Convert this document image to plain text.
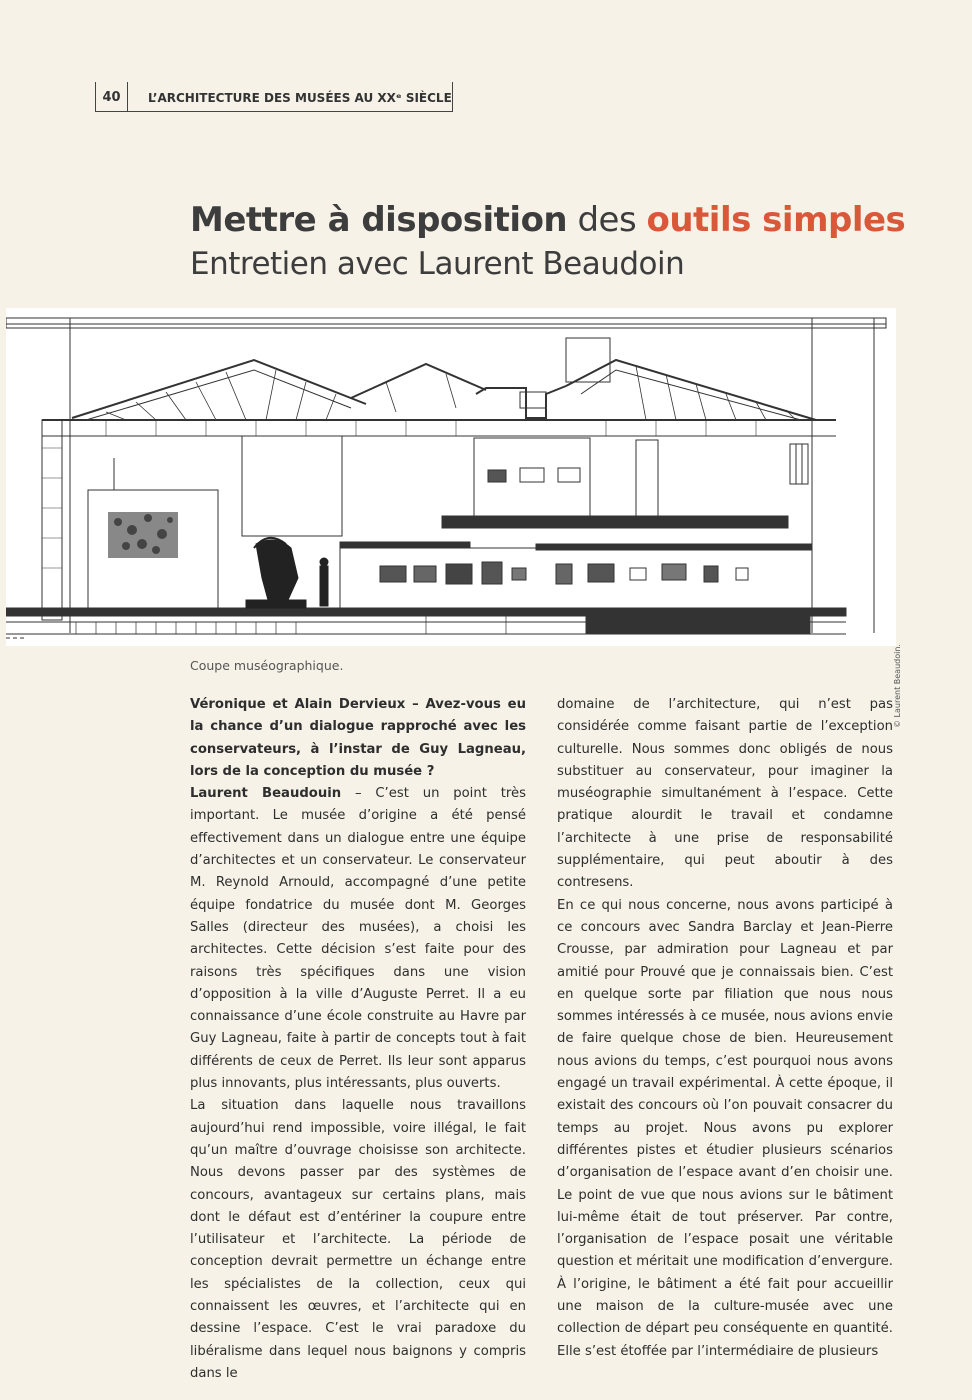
40	L’ARCHITECTURE DES MUSÉES AU XXᵉ SIÈCLE
Mettre à disposition des outils simples
Entretien avec Laurent Beaudoin
© Laurent Beaudoin.
Coupe muséographique.

Véronique et Alain Dervieux – Avez-vous eu la chance d’un dialogue rapproché avec les conservateurs, à l’instar de Guy Lagneau, lors de la conception du musée ?

Laurent Beaudouin – C’est un point très important. Le musée d’origine a été pensé effectivement dans un dialogue entre une équipe d’architectes et un conservateur. Le conservateur M. Reynold Arnould, accompagné d’une petite équipe fondatrice du musée dont M. Georges Salles (directeur des musées), a choisi les architectes. Cette décision s’est faite pour des raisons très spécifiques dans une vision d’opposition à la ville d’Auguste Perret. Il a eu connaissance d’une école construite au Havre par Guy Lagneau, faite à partir de concepts tout à fait différents de ceux de Perret. Ils leur sont apparus plus innovants, plus intéressants, plus ouverts.

La situation dans laquelle nous travaillons aujourd’hui rend impossible, voire illégal, le fait qu’un maître d’ouvrage choisisse son architecte. Nous devons passer par des systèmes de concours, avantageux sur certains plans, mais dont le défaut est d’entériner la coupure entre l’utilisateur et l’architecte. La période de conception devrait permettre un échange entre les spécialistes de la collection, ceux qui connaissent les œuvres, et l’architecte qui en dessine l’espace. C’est le vrai paradoxe du libéralisme dans lequel nous baignons y compris dans le

domaine de l’architecture, qui n’est pas considérée comme faisant partie de l’exception culturelle. Nous sommes donc obligés de nous substituer au conservateur, pour imaginer la muséographie simultanément à l’espace. Cette pratique alourdit le travail et condamne l’architecte à une prise de responsabilité supplémentaire, qui peut aboutir à des contresens.

En ce qui nous concerne, nous avons participé à ce concours avec Sandra Barclay et Jean-Pierre Crousse, par admiration pour Lagneau et par amitié pour Prouvé que je connaissais bien. C’est en quelque sorte par filiation que nous nous sommes intéressés à ce musée, nous avions envie de faire quelque chose de bien. Heureusement nous avions du temps, c’est pourquoi nous avons engagé un travail expérimental. À cette époque, il existait des concours où l’on pouvait consacrer du temps au projet. Nous avons pu explorer différentes pistes et étudier plusieurs scénarios d’organisation de l’espace avant d’en choisir une. Le point de vue que nous avions sur le bâtiment lui-même était de tout préserver. Par contre, l’organisation de l’espace posait une véritable question et méritait une modification d’envergure. À l’origine, le bâtiment a été fait pour accueillir une maison de la culture-musée avec une collection de départ peu conséquente en quantité. Elle s’est étoffée par l’intermédiaire de plusieurs
